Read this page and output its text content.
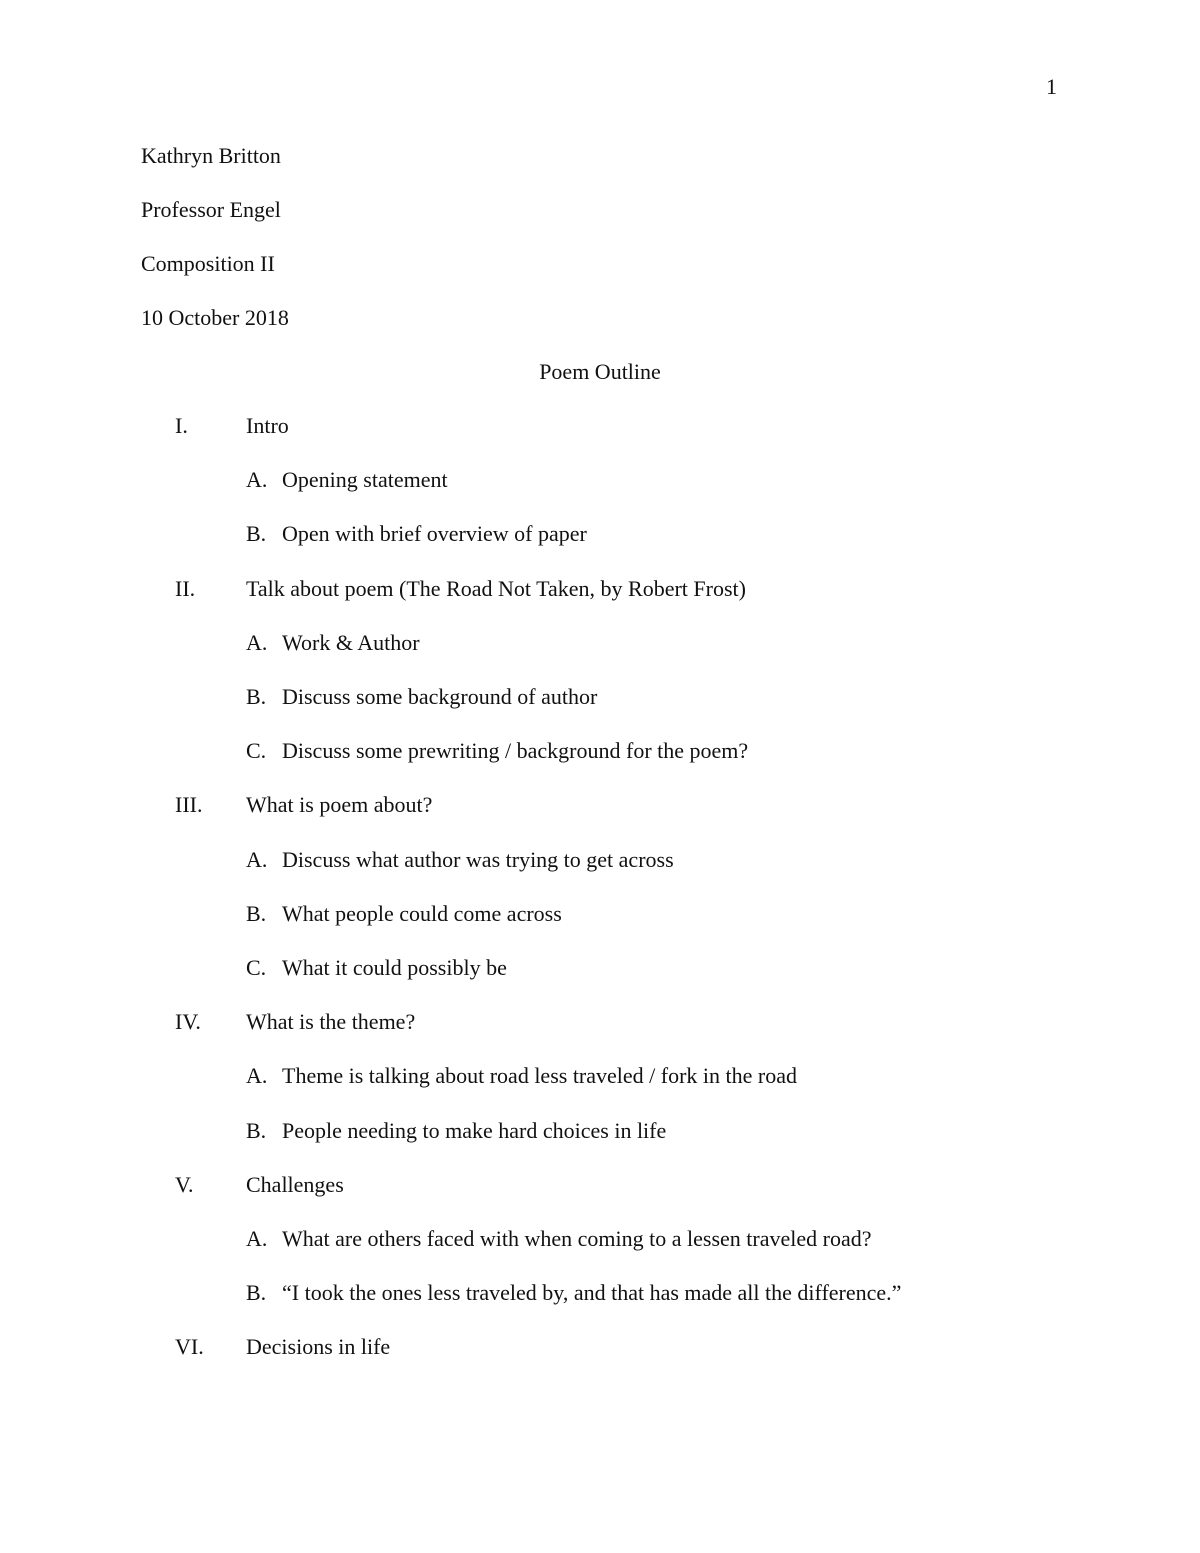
1
Kathryn Britton
Professor Engel
Composition II
10 October 2018
Poem Outline
I.	Intro
A. Opening statement
B. Open with brief overview of paper
II. Talk about poem (The Road Not Taken, by Robert Frost)
A. Work & Author
B. Discuss some background of author
C. Discuss some prewriting / background for the poem?
III. What is poem about?
A. Discuss what author was trying to get across
B. What people could come across
C. What it could possibly be
IV. What is the theme?
A. Theme is talking about road less traveled / fork in the road
B. People needing to make hard choices in life
V. Challenges
A. What are others faced with when coming to a lessen traveled road?
B. “I took the ones less traveled by, and that has made all the difference.”
VI. Decisions in life
